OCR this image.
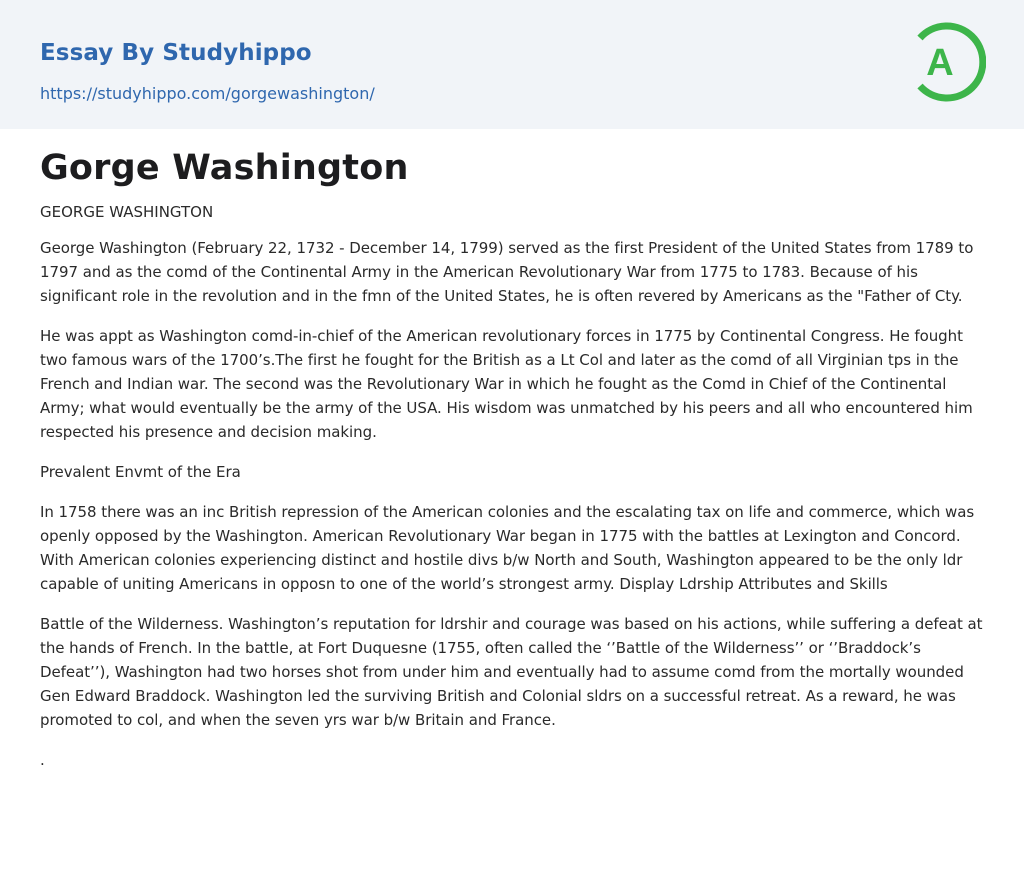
Essay By Studyhippo
https://studyhippo.com/gorgewashington/
A
Gorge Washington
GEORGE WASHINGTON

George Washington (February 22, 1732 - December 14, 1799) served as the first President of the United States from 1789 to 1797 and as the comd of the Continental Army in the American Revolutionary War from 1775 to 1783. Because of his significant role in the revolution and in the fmn of the United States, he is often revered by Americans as the "Father of Cty.

He was appt as Washington comd-in-chief of the American revolutionary forces in 1775 by Continental Congress. He fought two famous wars of the 1700’s.The first he fought for the British as a Lt Col and later as the comd of all Virginian tps in the French and Indian war. The second was the Revolutionary War in which he fought as the Comd in Chief of the Continental Army; what would eventually be the army of the USA. His wisdom was unmatched by his peers and all who encountered him respected his presence and decision making.

Prevalent Envmt of the Era

In 1758 there was an inc British repression of the American colonies and the escalating tax on life and commerce, which was openly opposed by the Washington. American Revolutionary War began in 1775 with the battles at Lexington and Concord. With American colonies experiencing distinct and hostile divs b/w North and South, Washington appeared to be the only ldr capable of uniting Americans in opposn to one of the world’s strongest army. Display Ldrship Attributes and Skills

Battle of the Wilderness. Washington’s reputation for ldrshir and courage was based on his actions, while suffering a defeat at the hands of French. In the battle, at Fort Duquesne (1755, often called the ‘’Battle of the Wilderness’’ or ‘’Braddock’s Defeat’’), Washington had two horses shot from under him and eventually had to assume comd from the mortally wounded Gen Edward Braddock. Washington led the surviving British and Colonial sldrs on a successful retreat. As a reward, he was promoted to col, and when the seven yrs war b/w Britain and France.

.
